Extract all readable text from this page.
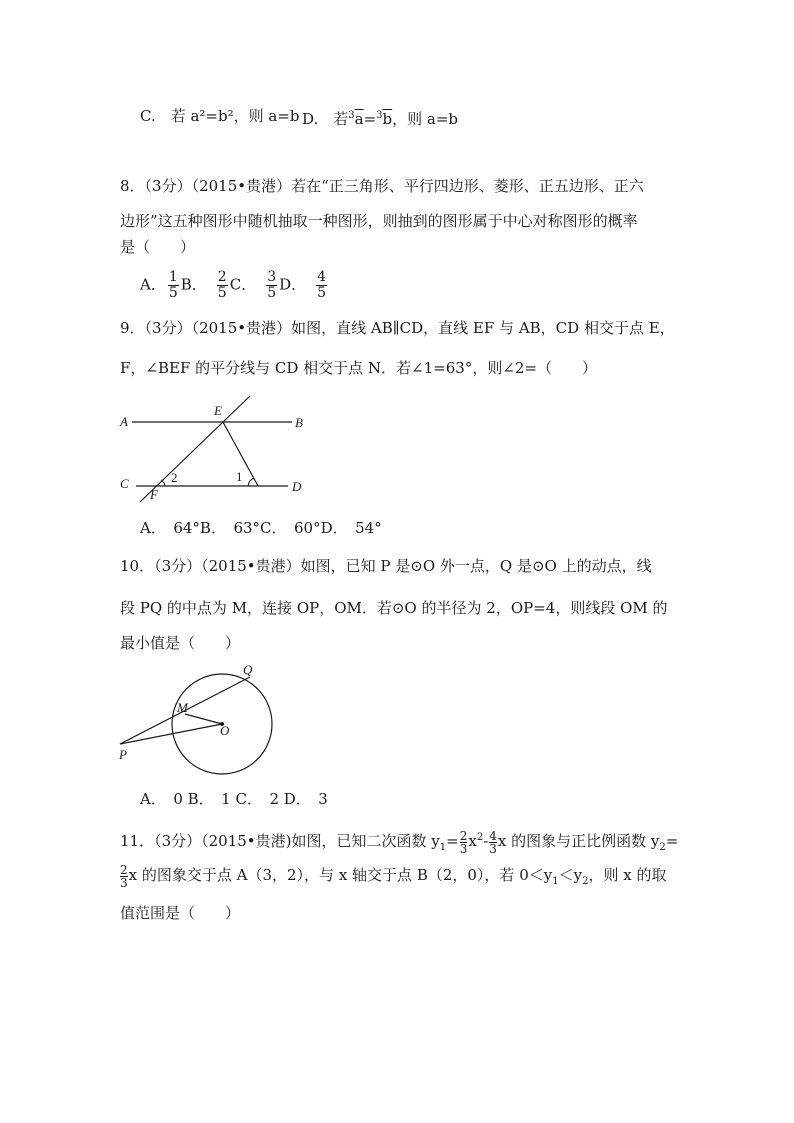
C.　若 a²=b²，则 a=b D.　若$^3\overline{a}=^3\overline{b}$，则 a=b
8．（3分）（2015•贵港）若在“正三角形、平行四边形、菱形、正五边形、正六
边形”这五种图形中随机抽取一种图形，则抽到的图形属于中心对称图形的概率
是（　　）
A． $\frac{1}{5}$ B． $\frac{2}{5}$ C． $\frac{3}{5}$ D． $\frac{4}{5}$
9．（3分）（2015•贵港）如图，直线 AB∥CD，直线 EF 与 AB，CD 相交于点 E，
F，∠BEF 的平分线与 CD 相交于点 N．若∠1=63°，则∠2=（　　）
A	B
E
C	D
F
1
2
A．　64°B．　63°C．　60°D．　54°
10．（3分）（2015•贵港）如图，已知 P 是⊙O 外一点，Q 是⊙O 上的动点，线
段 PQ 的中点为 M，连接 OP，OM．若⊙O 的半径为 2，OP=4，则线段 OM 的
最小值是（　　）
Q
M
O
P
A．　0 B．　1 C．　2 D．　3
11．（3分）（2015•贵港)如图，已知二次函数 $y_1= \frac{2}{3} x^2- \frac{4}{3}$ x 的图象与正比例函数 $y_2=$
$\frac{2}{3}$ x 的图象交于点 A（3，2），与 x 轴交于点 B（2，0），若 $0<y_1<y_2$，则 x 的取
值范围是（　　）
